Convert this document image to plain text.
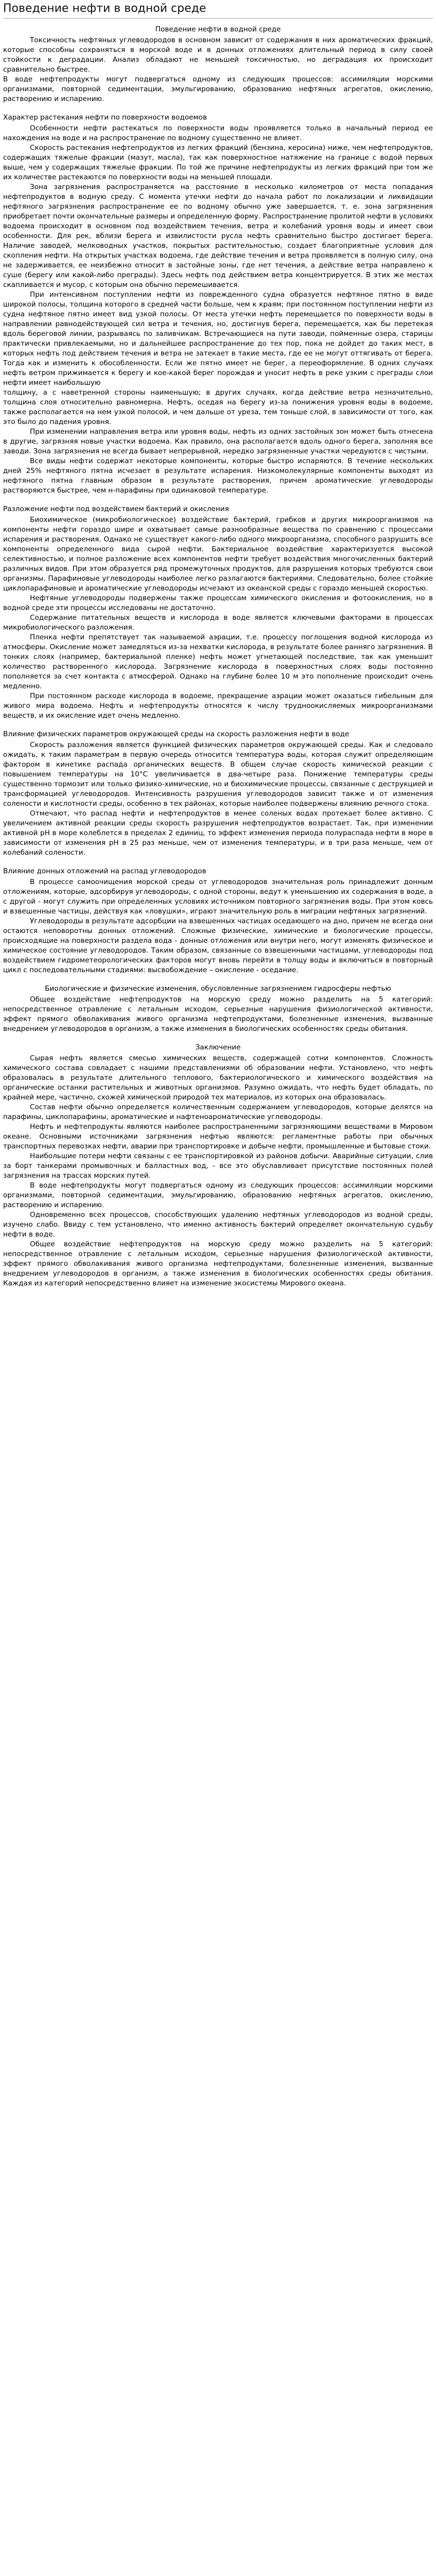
Поведение нефти в водной среде
Поведение нефти в водной среде

Токсичность нефтяных углеводородов в основном зависит от содержания в них ароматических фракций, которые способны сохраняться в морской воде и в донных отложениях длительный период в силу своей стойкости к деградации. Анализ обладают не меньшей токсичностью, но деградация их происходит сравнительно быстрее.

В воде нефтепродукты могут подвергаться одному из следующих процессов: ассимиляции морскими организмами, повторной седиментации, эмульгированию, образованию нефтяных агрегатов, окислению, растворению и испарению.

Характер растекания нефти по поверхности водоемов

Особенности нефти растекаться по поверхности воды проявляется только в начальный период ее нахождения на воде и на распространение по водному существенно не влияет.

Скорость растекания нефтепродуктов из легких фракций (бензина, керосина) ниже, чем нефтепродуктов, содержащих тяжелые фракции (мазут, масла), так как поверхностное натяжение на границе с водой первых выше, чем у содержащих тяжелые фракции. По той же причине нефтепродукты из легких фракций при том же их количестве растекаются по поверхности воды на меньшей площади.

Зона загрязнения распространяется на расстояние в несколько километров от места попадания нефтепродуктов в водную среду. С момента утечки нефти до начала работ по локализации и ликвидации нефтяного загрязнения распространение ее по водному обычно уже завершается, т. е. зона загрязнения приобретает почти окончательные размеры и определенную форму. Распространение пролитой нефти в условиях водоема происходит в основном под воздействием течения, ветра и колебаний уровня воды и имеет свои особенности. Для рек, вблизи берега и извилистости русла нефть сравнительно быстро достигает берега. Наличие заводей, мелководных участков, покрытых растительностью, создает благоприятные условия для скопления нефти. На открытых участках водоема, где действие течения и ветра проявляется в полную силу, она не задерживается, ее неизбежно относит в застойные зоны, где нет течения, а действие ветра направлено к суше (берегу или какой-либо преграды). Здесь нефть под действием ветра концентрируется. В этих же местах скапливается и мусор, с которым она обычно перемешивается.

При интенсивном поступлении нефти из поврежденного судна образуется нефтяное пятно в виде широкой полосы, толщина которого в средней части больше, чем к краям; при постоянном поступлении нефти из судна нефтяное пятно имеет вид узкой полосы. От места утечки нефть перемещается по поверхности воды в направлении равнодействующей сил ветра и течения, но, достигнув берега, перемещается, как бы перетекая вдоль береговой линии, разрываясь по заливчикам. Встречающиеся на пути заводи, пойменные озера, старицы практически привлекаемыми, но и дальнейшее распространение до тех пор, пока не дойдет до таких мест, в которых нефть под действием течения и ветра не затекает в такие места, где ее не могут оттягивать от берега. Тогда как и изменить к обособленности. Если же пятно имеет не берег, а переоформление. В одних случаях нефть ветром прижимается к берегу и кое-какой берег порождая и уносит нефть в реке узким с преграды слои нефти имеет наибольшую

толщину, а с наветренной стороны наименьшую; в других случаях, когда действие ветра незначительно, толщина слоя относительно равномерна. Нефть, оседая на берегу из-за понижения уровня воды в водоеме, также располагается на нем узкой полосой, и чем дальше от уреза, тем тоньше слой, в зависимости от того, как это было до падения уровня.

При изменении направления ветра или уровня воды, нефть из одних застойных зон может быть отнесена в другие, загрязняя новые участки водоема. Как правило, она располагается вдоль одного берега, заполняя все заводи. Зона загрязнения не всегда бывает непрерывной, нередко загрязненные участки чередуются с чистыми.

Все виды нефти содержат некоторые компоненты, которые быстро испаряются. В течение нескольких дней 25% нефтяного пятна исчезает в результате испарения. Низкомолекулярные компоненты выходят из нефтяного пятна главным образом в результате растворения, причем ароматические углеводороды растворяются быстрее, чем н-парафины при одинаковой температуре.

Разложение нефти под воздействием бактерий и окисления

Биохимическое (микробиологическое) воздействие бактерий, грибков и других микроорганизмов на компоненты нефти гораздо шире и охватывает самые разнообразные вещества по сравнению с процессами испарения и растворения. Однако не существует какого-либо одного микроорганизма, способного разрушить все компоненты определенного вида сырой нефти. Бактериальное воздействие характеризуется высокой селективностью, и полное разложение всех компонентов нефти требует воздействия многочисленных бактерий различных видов. При этом образуется ряд промежуточных продуктов, для разрушения которых требуются свои организмы. Парафиновые углеводороды наиболее легко разлагаются бактериями. Следовательно, более стойкие циклопарафиновые и ароматические углеводороды исчезают из океанской среды с гораздо меньшей скоростью.

Нефтяные углеводороды подвержены также процессам химического окисления и фотоокисления, но в водной среде эти процессы исследованы не достаточно.

Содержание питательных веществ и кислорода в воде является ключевыми факторами в процессах микробиологического разложения.

Пленка нефти препятствует так называемой аэрации, т.е. процессу поглощения водной кислорода из атмосферы. Окисление может замедляться из-за нехватки кислорода, в результате более ранняго загрязнения. В тонких слоях (например, бактериальной пленке) нефть может угнетающей последствие, так как уменьшит количество растворенного кислорода. Загрязнение кислорода в поверхностных слоях воды постоянно пополняется за счет контакта с атмосферой. Однако на глубине более 10 м это пополнение происходит очень медленно.

При постоянном расходе кислорода в водоеме, прекращение аэрации может оказаться гибельным для живого мира водоема. Нефть и нефтепродукты относятся к числу трудноокисляемых микроорганизмами веществ, и их окисление идет очень медленно.

Влияние физических параметров окружающей среды на скорость разложения нефти в воде

Скорость разложения является функцией физических параметров окружающей среды. Как и следовало ожидать, к таким параметрам в первую очередь относится температура воды, которая служит определяющим фактором в кинетике распада органических веществ. В общем случае скорость химической реакции с повышением температуры на 10°С увеличивается в два-четыре раза. Понижение температуры среды существенно тормозит или только физико-химические, но и биохимические процессы, связанные с деструкцией и трансформацией углеводородов. Интенсивность разрушения углеводородов зависит также и от изменения солености и кислотности среды, особенно в тех районах, которые наиболее подвержены влиянию речного стока.

Отмечают, что распад нефти и нефтепродуктов в менее соленых водах протекает более активно. С увеличением активной реакции среды скорость разрушения нефтепродуктов возрастает. Так, при изменении активной pH в море колеблется в пределах 2 единиц, то эффект изменения периода полураспада нефти в море в зависимости от изменения pH в 25 раз меньше, чем от изменения температуры, и в три раза меньше, чем от колебаний солености.

Влияние донных отложений на распад углеводородов

В процессе самоочищения морской среды от углеводородов значительная роль принадлежит донным отложениям, которые, адсорбируя углеводороды, с одной стороны, ведут к уменьшению их содержания в воде, а с другой - могут служить при определенных условиях источником повторного загрязнения воды. При этом ковсь и взвешенные частицы, действуя как «ловушки», играют значительную роль в миграции нефтяных загрязнений.

Углеводороды в результате адсорбции на взвешенных частицах оседающего на дно, причем не всегда они остаются неповоротны донных отложений. Сложные физические, химические и биологические процессы, происходящие на поверхности раздела вода - донные отложения или внутри него, могут изменять физическое и химическое состояние углеводородов. Таким образом, связанные со взвешенными частицами, углеводороды под воздействием гидрометеорологических факторов могут вновь перейти в толщу воды и включиться в повторный цикл с последовательными стадиями: высвобождение – окисление - оседание.

Биологические и физические изменения, обусловленные загрязнением гидросферы нефтью

Общее воздействие нефтепродуктов на морскую среду можно разделить на 5 категорий: непосредственное отравление с летальным исходом, серьезные нарушения физиологической активности, эффект прямого обволакивания живого организма нефтепродуктами, болезненные изменения, вызванные внедрением углеводородов в организм, а также изменения в биологических особенностях среды обитания.

Заключение

Сырая нефть является смесью химических веществ, содержащей сотни компонентов. Сложность химического состава совладает с нашими представлениями об образовании нефти. Установлено, что нефть образовалась в результате длительного теплового, бактериологического и химического воздействия на органические останки растительных и животных организмов. Разумно ожидать, что нефть будет обладать, по крайней мере, частично, схожей химической природой тех материалов, из которых она образовалась.

Состав нефти обычно определяется количественным содержанием углеводородов, которые делятся на парафины, циклопарафины, ароматические и нафтеноароматические углеводороды.

Нефть и нефтепродукты являются наиболее распространенными загрязняющими веществами в Мировом океане. Основными источниками загрязнения нефтью являются: регламентные работы при обычных транспортных перевозках нефти, аварии при транспортировке и добыче нефти, промышленные и бытовые стоки.

Наибольшие потери нефти связаны с ее транспортировкой из районов добычи. Аварийные ситуации, слив за борт танкерами промывочных и балластных вод, - все это обуславливает присутствие постоянных полей загрязнения на трассах морских путей.

В воде нефтепродукты могут подвергаться одному из следующих процессов: ассимиляции морскими организмами, повторной седиментации, эмульгированию, образованию нефтяных агрегатов, окислению, растворению и испарению.

Одновременно всех процессов, способствующих удалению нефтяных углеводородов из водной среды, изучено слабо. Ввиду с тем установлено, что именно активность бактерий определяет окончательную судьбу нефти в воде.

Общее воздействие нефтепродуктов на морскую среду можно разделить на 5 категорий: непосредственное отравление с летальным исходом, серьезные нарушения физиологической активности, эффект прямого обволакивания живого организма нефтепродуктами, болезненные изменения, вызванные внедрением углеводородов в организм, а также изменения в биологических особенностях среды обитания. Каждая из категорий непосредственно влияет на изменение экосистемы Мирового океана.
